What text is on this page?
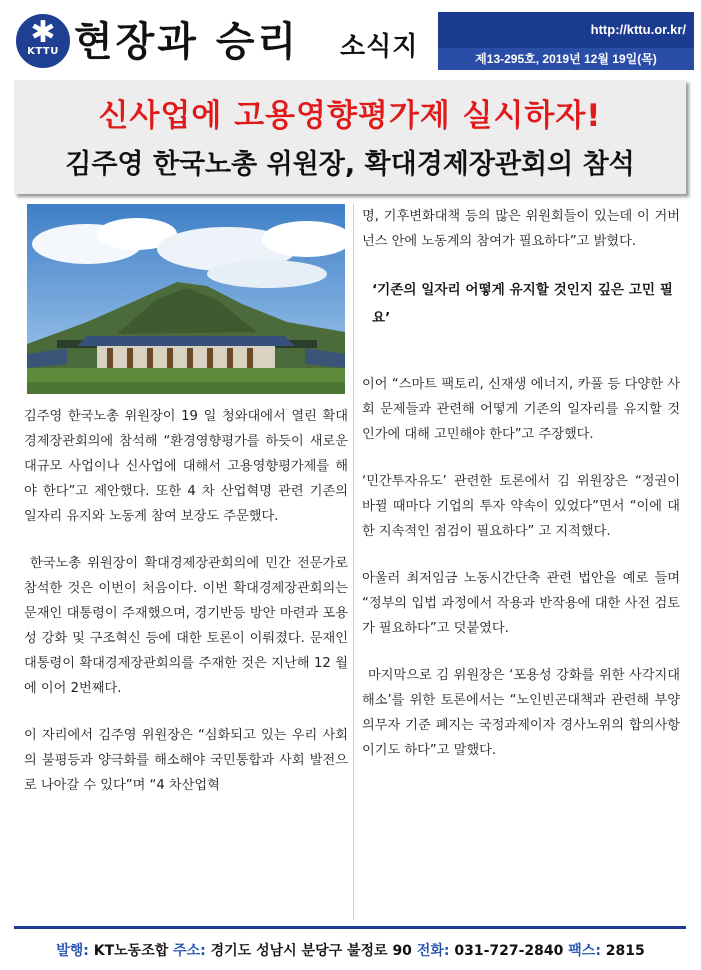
✱
KTTU 현장과 승리 소식지
http://kttu.or.kr/
제13-295호, 2019년 12월 19일(목)
신사업에 고용영향평가제 실시하자!
김주영 한국노총 위원장, 확대경제장관회의 참석

김주영 한국노총 위원장이 19 일 청와대에서 열린 확대경제장관회의에 참석해 “환경영향평가를 하듯이 새로운 대규모 사업이나 신사업에 대해서 고용영향평가제를 해야 한다”고 제안했다. 또한 4 차 산업혁명 관련 기존의 일자리 유지와 노동계 참여 보장도 주문했다.

한국노총 위원장이 확대경제장관회의에 민간 전문가로 참석한 것은 이번이 처음이다. 이번 확대경제장관회의는 문재인 대통령이 주재했으며, 경기반등 방안 마련과 포용성 강화 및 구조혁신 등에 대한 토론이 이뤄졌다. 문재인 대통령이 확대경제장관회의를 주재한 것은 지난해 12 월에 이어 2번째다.

이 자리에서 김주영 위원장은 “심화되고 있는 우리 사회의 불평등과 양극화를 해소해야 국민통합과 사회 발전으로 나아갈 수 있다”며 “4 차산업혁

명, 기후변화대책 등의 많은 위원회들이 있는데 이 거버넌스 안에 노동계의 참여가 필요하다”고 밝혔다.

‘기존의 일자리 어떻게 유지할 것인지 깊은 고민 필요’

이어 “스마트 팩토리, 신재생 에너지, 카풀 등 다양한 사회 문제들과 관련해 어떻게 기존의 일자리를 유지할 것인가에 대해 고민해야 한다”고 주장했다.

‘민간투자유도’ 관련한 토론에서 김 위원장은 “정권이 바뀔 때마다 기업의 투자 약속이 있었다”면서 “이에 대한 지속적인 점검이 필요하다” 고 지적했다.

아울러 최저임금 노동시간단축 관련 법안을 예로 들며 “정부의 입법 과정에서 작용과 반작용에 대한 사전 검토가 필요하다”고 덧붙였다.

마지막으로 김 위원장은 ‘포용성 강화를 위한 사각지대 해소’를 위한 토론에서는 “노인빈곤대책과 관련해 부양의무자 기준 폐지는 국정과제이자 경사노위의 합의사항이기도 하다”고 말했다.

발행: KT노동조합 주소: 경기도 성남시 분당구 불정로 90 전화: 031-727-2840 팩스: 2815
